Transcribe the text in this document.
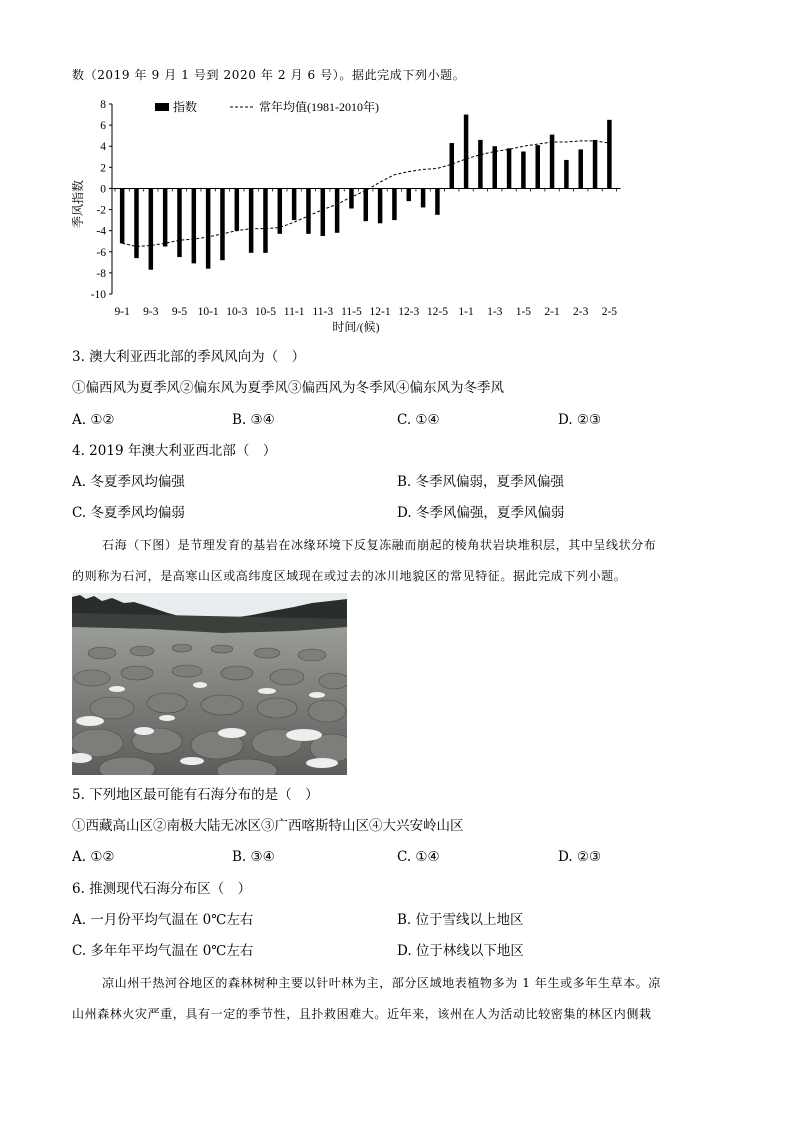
数（2019 年 9 月 1 号到 2020 年 2 月 6 号）。据此完成下列小题。
8
6
4
2
0
-2
-4
-6
-8
-10
9-1 9-3 9-5 10-1 10-3 10-5 11-1 11-3 11-5 12-1 12-3 12-5 1-1 1-3 1-5 2-1 2-3 2-5
指数	常年均值(1981-2010年)
季风指数
时间/(候)
3. 澳大利亚西北部的季风风向为（　）
①偏西风为夏季风②偏东风为夏季风③偏西风为冬季风④偏东风为冬季风
A. ①②	B. ③④	C. ①④	D. ②③
4. 2019 年澳大利亚西北部（　）
A. 冬夏季风均偏强	B. 冬季风偏弱，夏季风偏强
C. 冬夏季风均偏弱	D. 冬季风偏强，夏季风偏弱
石海（下图）是节理发育的基岩在冰缘环境下反复冻融而崩起的棱角状岩块堆积层，其中呈线状分布
的则称为石河，是高寒山区或高纬度区域现在或过去的冰川地貌区的常见特征。据此完成下列小题。
5. 下列地区最可能有石海分布的是（　）
①西藏高山区②南极大陆无冰区③广西喀斯特山区④大兴安岭山区
A. ①②	B. ③④	C. ①④	D. ②③
6. 推测现代石海分布区（　）
A. 一月份平均气温在 0℃左右	B. 位于雪线以上地区
C. 多年年平均气温在 0℃左右	D. 位于林线以下地区
凉山州干热河谷地区的森林树种主要以针叶林为主，部分区域地表植物多为 1 年生或多年生草本。凉
山州森林火灾严重，具有一定的季节性，且扑救困难大。近年来，该州在人为活动比较密集的林区内侧栽
